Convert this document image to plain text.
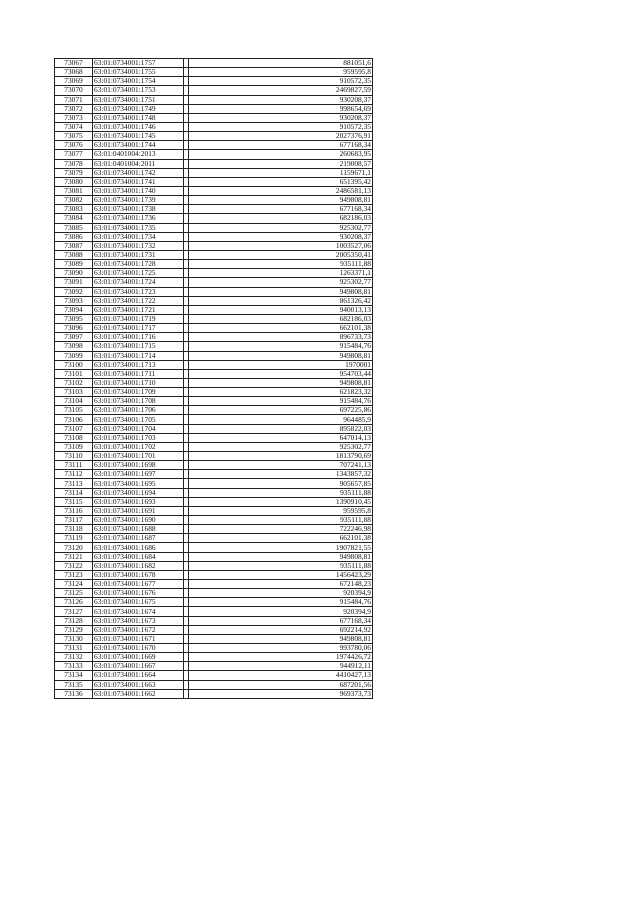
73067	63:01:0734001:1757		881051,6
73068	63:01:0734001:1755		959595,8
73069	63:01:0734001:1754		910572,35
73070	63:01:0734001:1753		2469827,59
73071	63:01:0734001:1751		930208,37
73072	63:01:0734001:1749		998654,69
73073	63:01:0734001:1748		930208,37
73074	63:01:0734001:1746		910572,35
73075	63:01:0734001:1745		2027376,91
73076	63:01:0734001:1744		677168,34
73077	63:01:0401004:2013		260683,95
73078	63:01:0401004:2011		219008,57
73079	63:01:0734001:1742		1159671,1
73080	63:01:0734001:1741		651395,42
73081	63:01:0734001:1740		2486581,13
73082	63:01:0734001:1739		949808,81
73083	63:01:0734001:1738		677168,34
73084	63:01:0734001:1736		682186,03
73085	63:01:0734001:1735		925302,77
73086	63:01:0734001:1734		930208,37
73087	63:01:0734001:1732		1003527,06
73088	63:01:0734001:1731		2005350,41
73089	63:01:0734001:1728		935111,88
73090	63:01:0734001:1725		1263371,1
73091	63:01:0734001:1724		925302,77
73092	63:01:0734001:1723		949808,81
73093	63:01:0734001:1722		861326,42
73094	63:01:0734001:1721		940013,13
73095	63:01:0734001:1719		682186,03
73096	63:01:0734001:1717		662101,38
73097	63:01:0734001:1716		896733,73
73098	63:01:0734001:1715		915484,76
73099	63:01:0734001:1714		949808,81
73100	63:01:0734001:1713		1970001
73101	63:01:0734001:1711		954703,44
73102	63:01:0734001:1710		949808,81
73103	63:01:0734001:1709		621823,32
73104	63:01:0734001:1708		915484,76
73105	63:01:0734001:1706		697225,86
73106	63:01:0734001:1705		964485,9
73107	63:01:0734001:1704		895822,03
73108	63:01:0734001:1703		647014,13
73109	63:01:0734001:1702		925302,77
73110	63:01:0734001:1701		1813790,69
73111	63:01:0734001:1698		707241,13
73112	63:01:0734001:1697		1343857,32
73113	63:01:0734001:1695		905657,85
73114	63:01:0734001:1694		935111,88
73115	63:01:0734001:1693		1390910,45
73116	63:01:0734001:1691		959595,8
73117	63:01:0734001:1690		935111,88
73118	63:01:0734001:1688		722246,98
73119	63:01:0734001:1687		662101,38
73120	63:01:0734001:1686		1907821,55
73121	63:01:0734001:1684		949808,81
73122	63:01:0734001:1682		935111,88
73123	63:01:0734001:1678		1456423,29
73124	63:01:0734001:1677		672148,23
73125	63:01:0734001:1676		920394,9
73126	63:01:0734001:1675		915484,76
73127	63:01:0734001:1674		920394,9
73128	63:01:0734001:1673		677168,34
73129	63:01:0734001:1672		692214,92
73130	63:01:0734001:1671		949808,81
73131	63:01:0734001:1670		993780,06
73132	63:01:0734001:1669		1974426,72
73133	63:01:0734001:1667		944912,11
73134	63:01:0734001:1664		4410427,13
73135	63:01:0734001:1663		687201,56
73136	63:01:0734001:1662		969373,73
